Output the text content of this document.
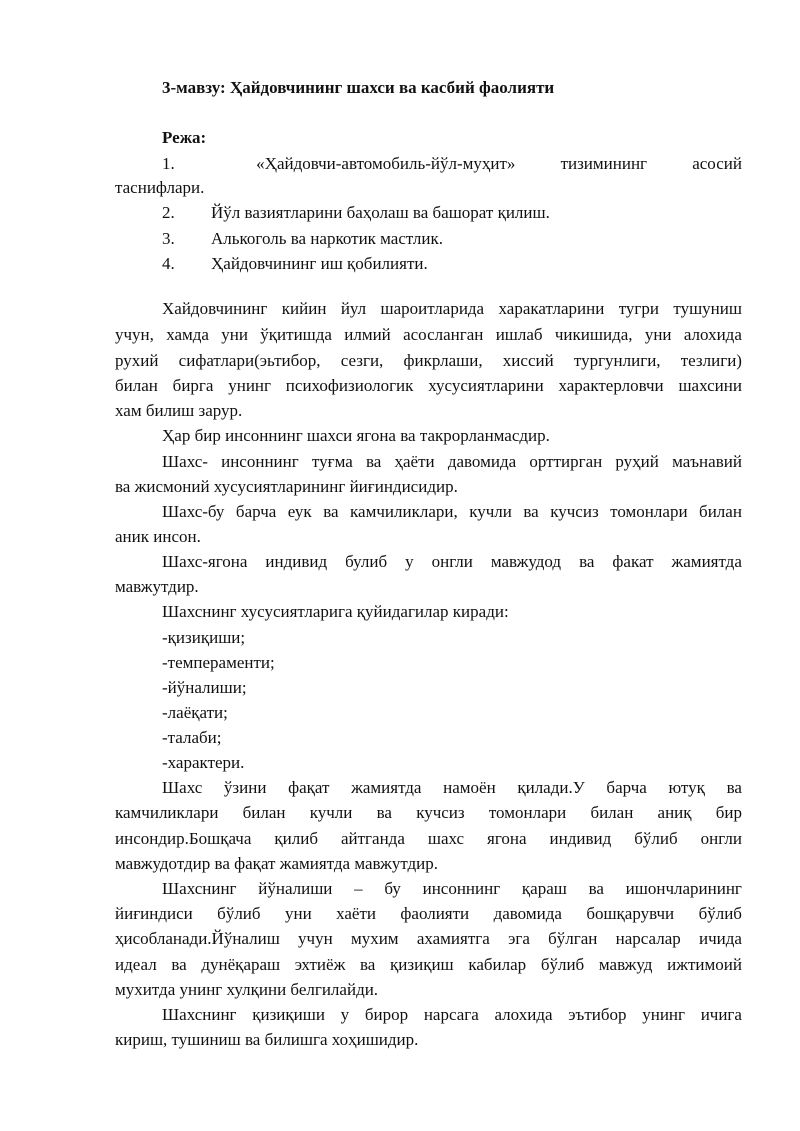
3-мавзу: Ҳайдовчининг шахси ва касбий фаолияти
Режа:
1.	«Ҳайдовчи-автомобиль-йўл-муҳит»	тизимининг	асосий
таснифлари.
2. Йўл вазиятларини баҳолаш ва башорат қилиш.
3. Алькоголь ва наркотик мастлик.
4. Ҳайдовчининг иш қобилияти.
Хайдовчининг кийин йул шароитларида харакатларини тугри тушуниш
учун, хамда уни ўқитишда илмий асосланган ишлаб чикишида, уни алохида
рухий сифатлари(эьтибор, сезги, фикрлаши, хиссий тургунлиги, тезлиги)
билан бирга унинг психофизиологик хусусиятларини характерловчи шахсини
хам билиш зарур.
Ҳар бир инсоннинг шахси ягона ва такрорланмасдир.
Шахс- инсоннинг туғма ва ҳаёти давомида орттирган руҳий маънавий
ва жисмоний хусусиятларининг йиғиндисидир.
Шахс-бу барча еук ва камчиликлари, кучли ва кучсиз томонлари билан
аник инсон.
Шахс-ягона индивид булиб у онгли мавжудод ва факат жамиятда
мавжутдир.
Шахснинг хусусиятларига қуйидагилар киради:
-қизиқиши;
-темпераменти;
-йўналиши;
-лаёқати;
-талаби;
-характери.
Шахс ўзини фақат жамиятда намоён қилади.У барча ютуқ ва
камчиликлари билан кучли ва кучсиз томонлари билан аниқ бир
инсондир.Бошқача қилиб айтганда шахс ягона индивид бўлиб онгли
мавжудотдир ва фақат жамиятда мавжутдир.
Шахснинг йўналиши – бу инсоннинг қараш ва ишончларининг
йиғиндиси бўлиб уни хаёти фаолияти давомида бошқарувчи бўлиб
ҳисобланади.Йўналиш учун мухим ахамиятга эга бўлган нарсалар ичида
идеал ва дунёқараш эхтиёж ва қизиқиш кабилар бўлиб мавжуд ижтимоий
мухитда унинг хулқини белгилайди.
Шахснинг қизиқиши у бирор нарсага алохида эътибор унинг ичига
кириш, тушиниш ва билишга хоҳишидир.
